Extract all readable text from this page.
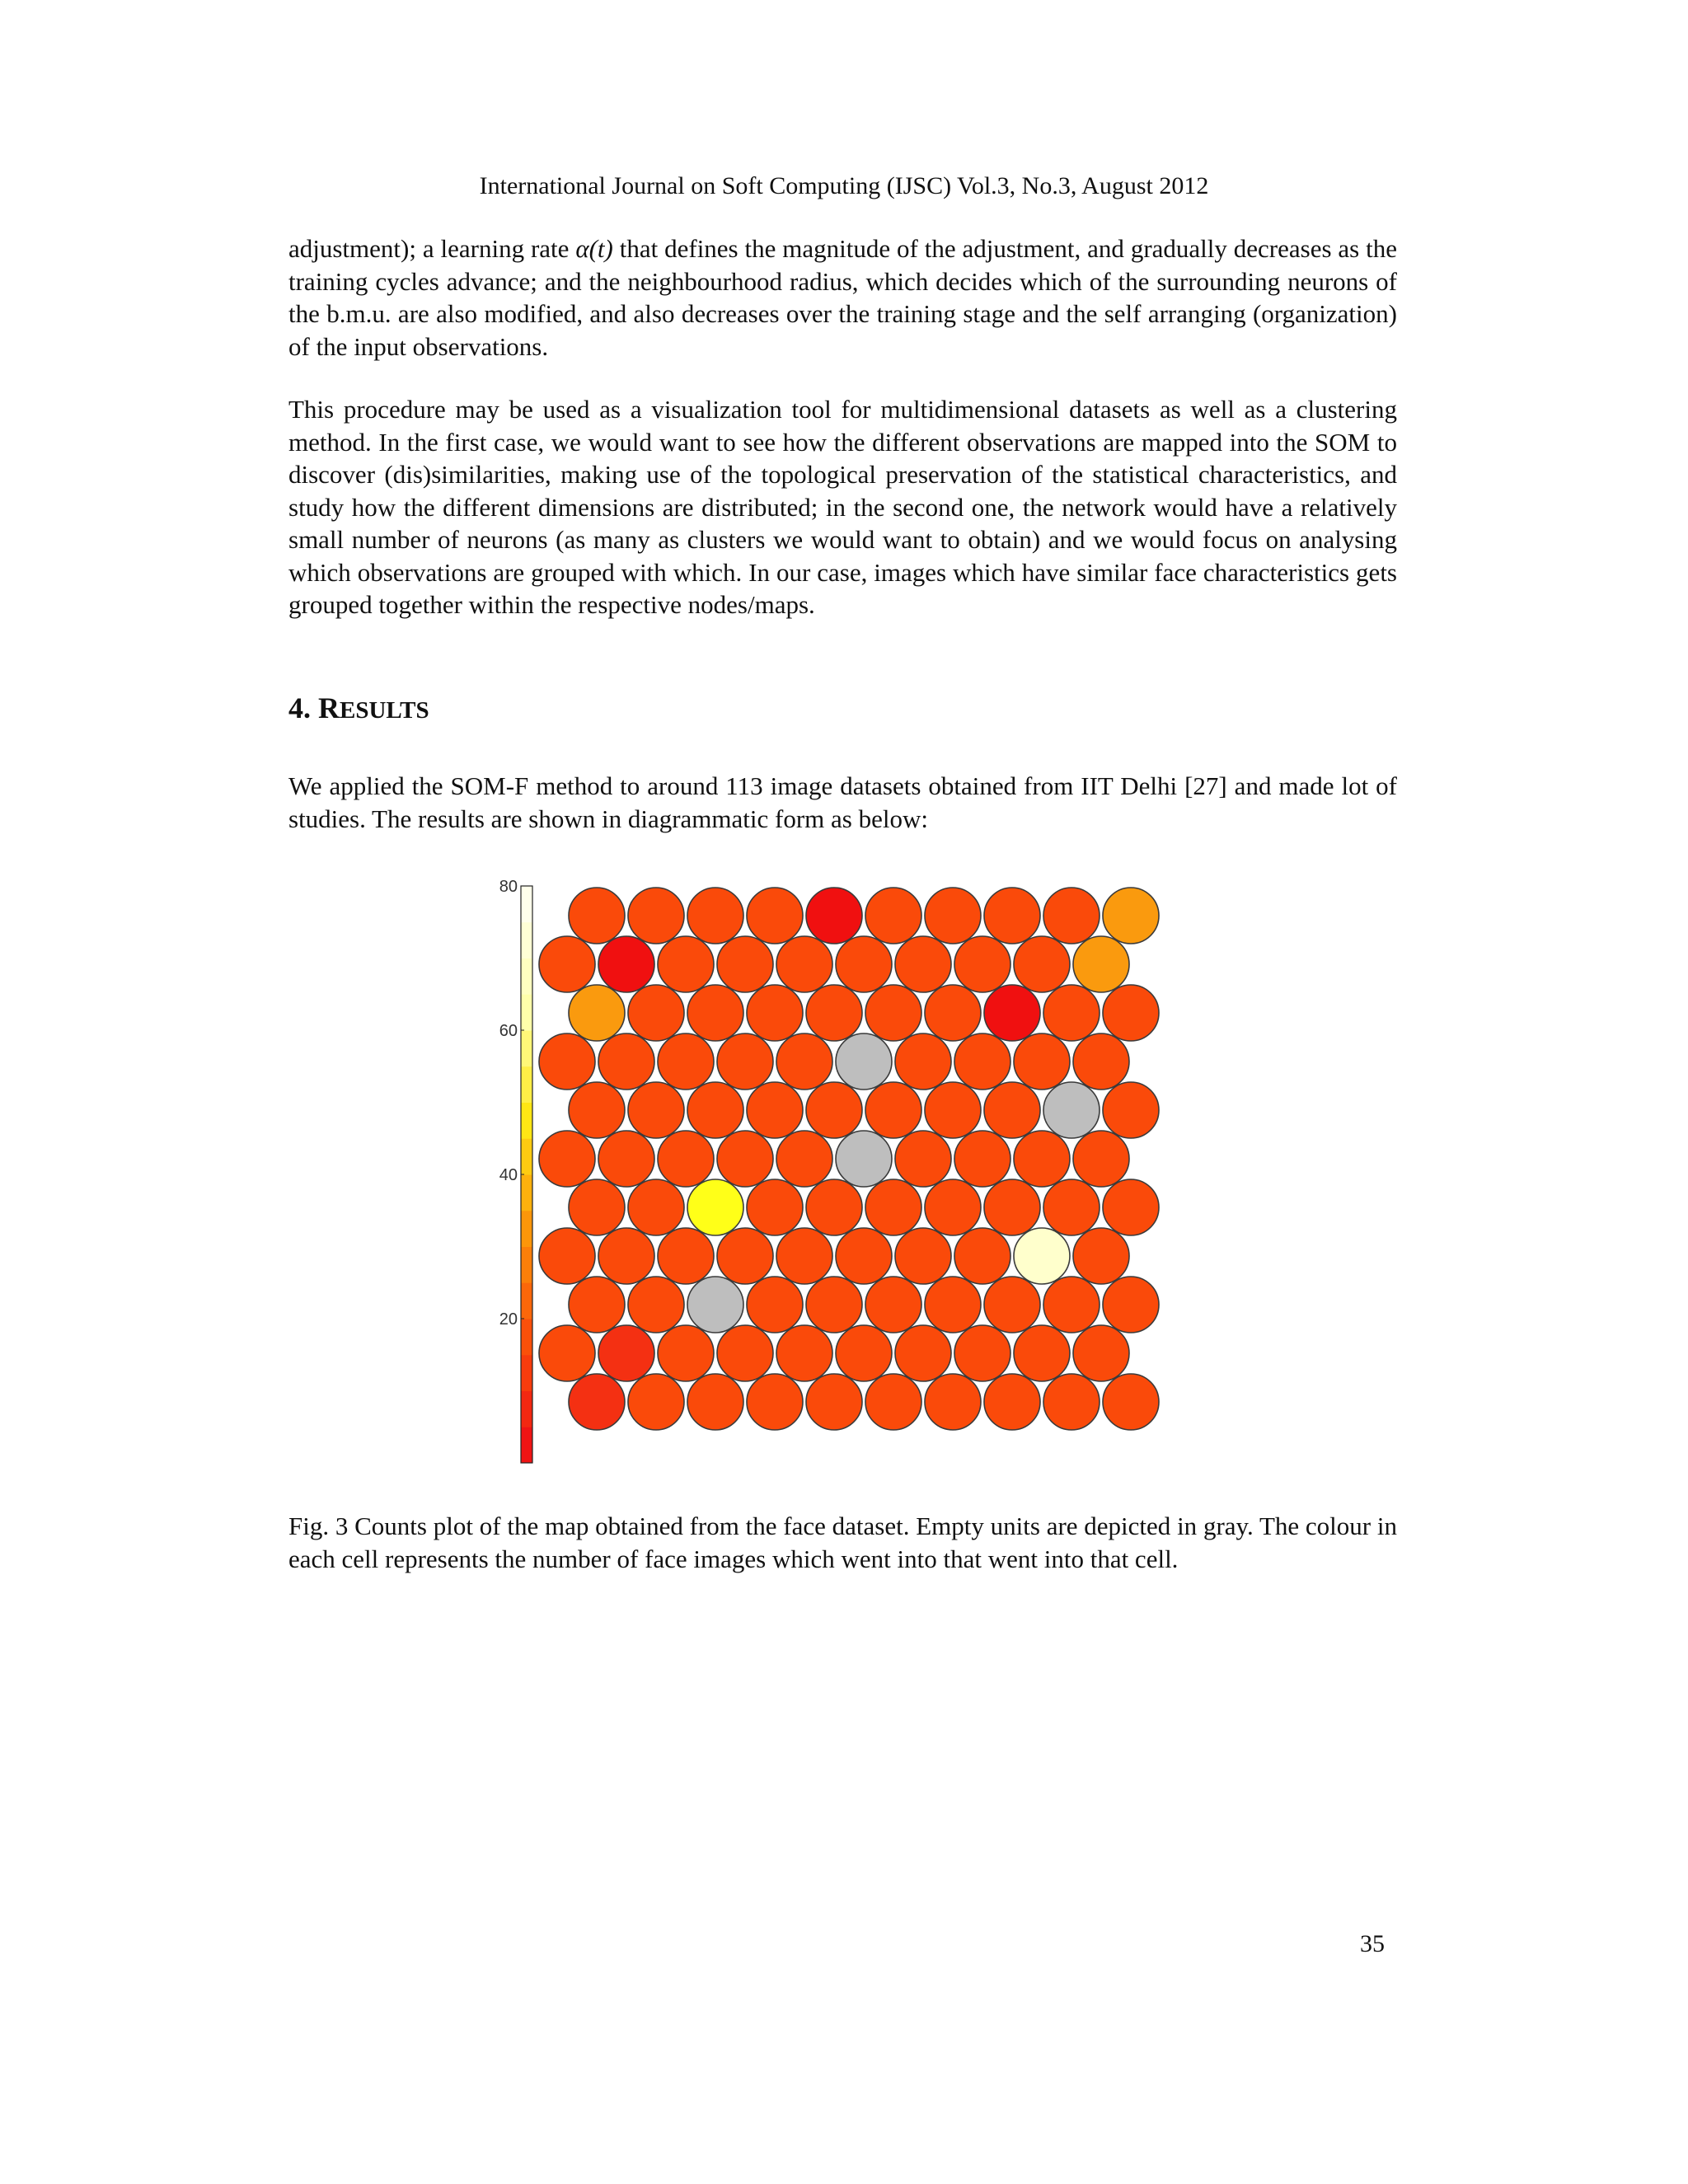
International Journal on Soft Computing (IJSC) Vol.3, No.3, August 2012

adjustment); a learning rate α(t) that defines the magnitude of the adjustment, and gradually decreases as the training cycles advance; and the neighbourhood radius, which decides which of the surrounding neurons of the b.m.u. are also modified, and also decreases over the training stage and the self arranging (organization) of the input observations.

This procedure may be used as a visualization tool for multidimensional datasets as well as a clustering method. In the first case, we would want to see how the different observations are mapped into the SOM to discover (dis)similarities, making use of the topological preservation of the statistical characteristics, and study how the different dimensions are distributed; in the second one, the network would have a relatively small number of neurons (as many as clusters we would want to obtain) and we would focus on analysing which observations are grouped with which. In our case, images which have similar face characteristics gets grouped together within the respective nodes/maps.

4. RESULTS

We applied the SOM-F method to around 113 image datasets obtained from IIT Delhi [27] and made lot of studies. The results are shown in diagrammatic form as below:

20
40
60
80

Fig. 3 Counts plot of the map obtained from the face dataset. Empty units are depicted in gray. The colour in each cell represents the number of face images which went into that went into that cell.

35
